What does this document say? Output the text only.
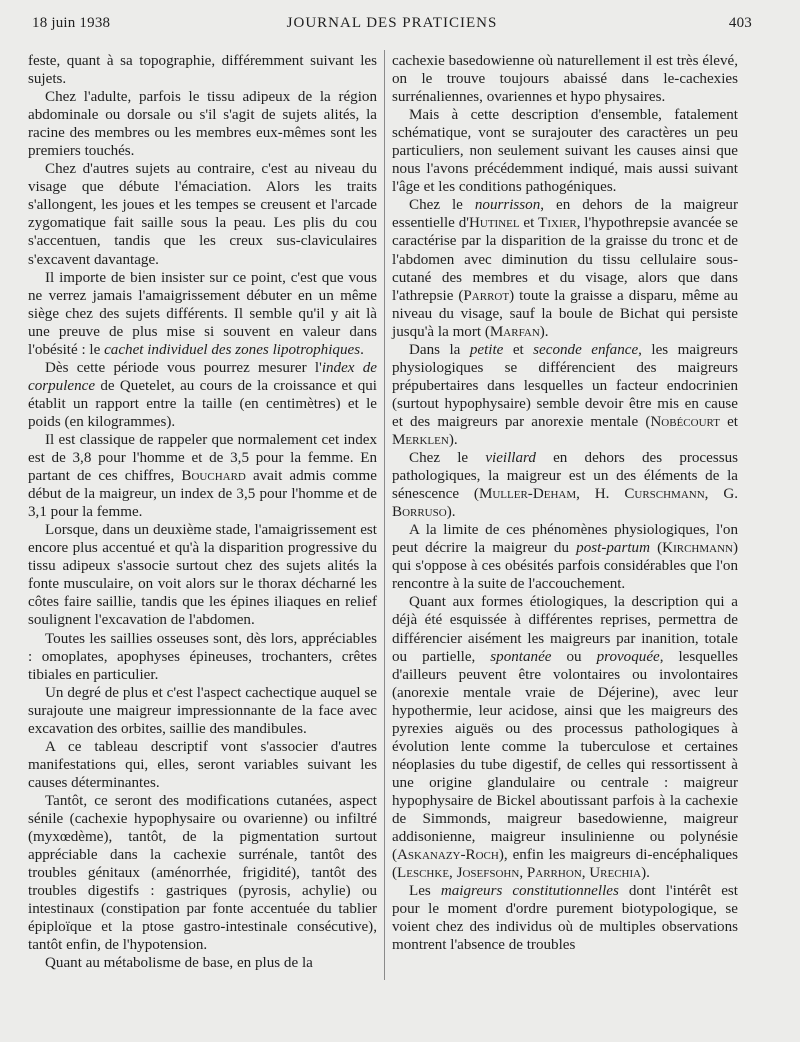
18 juin 1938	JOURNAL DES PRATICIENS	403

feste, quant à sa topographie, différemment suivant les sujets.

Chez l'adulte, parfois le tissu adipeux de la région abdominale ou dorsale ou s'il s'agit de sujets alités, la racine des membres ou les membres eux-mêmes sont les premiers touchés.

Chez d'autres sujets au contraire, c'est au niveau du visage que débute l'émaciation. Alors les traits s'allongent, les joues et les tempes se creusent et l'arcade zygomatique fait saille sous la peau. Les plis du cou s'accentuen, tandis que les creux sus-claviculaires s'excavent davantage.

Il importe de bien insister sur ce point, c'est que vous ne verrez jamais l'amaigrissement débuter en un même siège chez des sujets différents. Il semble qu'il y ait là une preuve de plus mise si souvent en valeur dans l'obésité : le cachet individuel des zones lipotrophiques.

Dès cette période vous pourrez mesurer l'index de corpulence de Quetelet, au cours de la croissance et qui établit un rapport entre la taille (en centimètres) et le poids (en kilogrammes).

Il est classique de rappeler que normalement cet index est de 3,8 pour l'homme et de 3,5 pour la femme. En partant de ces chiffres, Bouchard avait admis comme début de la maigreur, un index de 3,5 pour l'homme et de 3,1 pour la femme.

Lorsque, dans un deuxième stade, l'amaigrissement est encore plus accentué et qu'à la disparition progressive du tissu adipeux s'associe surtout chez des sujets alités la fonte musculaire, on voit alors sur le thorax décharné les côtes faire saillie, tandis que les épines iliaques en relief soulignent l'excavation de l'abdomen.

Toutes les saillies osseuses sont, dès lors, appréciables : omoplates, apophyses épineuses, trochanters, crêtes tibiales en particulier.

Un degré de plus et c'est l'aspect cachectique auquel se surajoute une maigreur impressionnante de la face avec excavation des orbites, saillie des mandibules.

A ce tableau descriptif vont s'associer d'autres manifestations qui, elles, seront variables suivant les causes déterminantes.

Tantôt, ce seront des modifications cutanées, aspect sénile (cachexie hypophysaire ou ovarienne) ou infiltré (myxœdème), tantôt, de la pigmentation surtout appréciable dans la cachexie surrénale, tantôt des troubles génitaux (aménorrhée, frigidité), tantôt des troubles digestifs : gastriques (pyrosis, achylie) ou intestinaux (constipation par fonte accentuée du tablier épiploïque et la ptose gastro-intestinale consécutive), tantôt enfin, de l'hypotension.

Quant au métabolisme de base, en plus de la

cachexie basedowienne où naturellement il est très élevé, on le trouve toujours abaissé dans le-cachexies surrénaliennes, ovariennes et hypo physaires.

Mais à cette description d'ensemble, fatalement schématique, vont se surajouter des caractères un peu particuliers, non seulement suivant les causes ainsi que nous l'avons précédemment indiqué, mais aussi suivant l'âge et les conditions pathogéniques.

Chez le nourrisson, en dehors de la maigreur essentielle d'Hutinel et Tixier, l'hypothrepsie avancée se caractérise par la disparition de la graisse du tronc et de l'abdomen avec diminution du tissu cellulaire sous-cutané des membres et du visage, alors que dans l'athrepsie (Parrot) toute la graisse a disparu, même au niveau du visage, sauf la boule de Bichat qui persiste jusqu'à la mort (Marfan).

Dans la petite et seconde enfance, les maigreurs physiologiques se différencient des maigreurs prépubertaires dans lesquelles un facteur endocrinien (surtout hypophysaire) semble devoir être mis en cause et des maigreurs par anorexie mentale (Nobécourt et Merklen).

Chez le vieillard en dehors des processus pathologiques, la maigreur est un des éléments de la sénescence (Muller-Deham, H. Curschmann, G. Borruso).

A la limite de ces phénomènes physiologiques, l'on peut décrire la maigreur du post-partum (Kirchmann) qui s'oppose à ces obésités parfois considérables que l'on rencontre à la suite de l'accouchement.

Quant aux formes étiologiques, la description qui a déjà été esquissée à différentes reprises, permettra de différencier aisément les maigreurs par inanition, totale ou partielle, spontanée ou provoquée, lesquelles d'ailleurs peuvent être volontaires ou involontaires (anorexie mentale vraie de Déjerine), avec leur hypothermie, leur acidose, ainsi que les maigreurs des pyrexies aiguës ou des processus pathologiques à évolution lente comme la tuberculose et certaines néoplasies du tube digestif, de celles qui ressortissent à une origine glandulaire ou centrale : maigreur hypophysaire de Bickel aboutissant parfois à la cachexie de Simmonds, maigreur basedowienne, maigreur addisonienne, maigreur insulinienne ou polynésie (Askanazy-Roch), enfin les maigreurs di-encéphaliques (Leschke, Josefsohn, Parrhon, Urechia).

Les maigreurs constitutionnelles dont l'intérêt est pour le moment d'ordre purement biotypologique, se voient chez des individus où de multiples observations montrent l'absence de troubles
